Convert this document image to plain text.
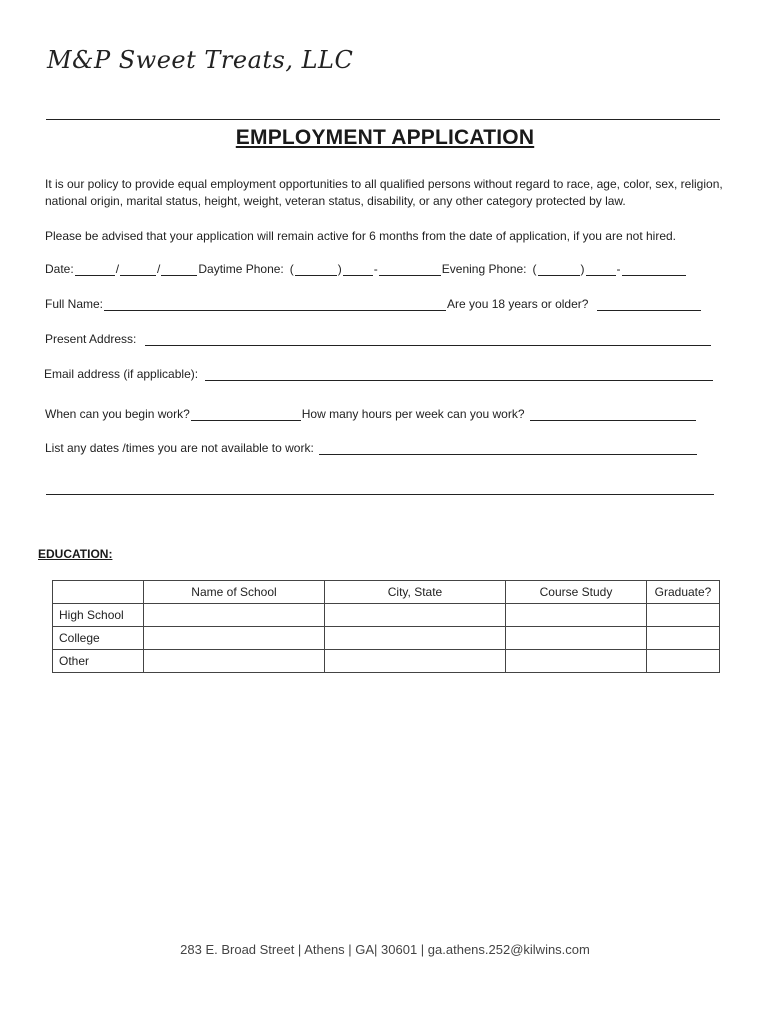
M&P Sweet Treats, LLC
EMPLOYMENT APPLICATION
It is our policy to provide equal employment opportunities to all qualified persons without regard to race, age, color, sex, religion, national origin, marital status, height, weight, veteran status, disability, or any other category protected by law.
Please be advised that your application will remain active for 6 months from the date of application, if you are not hired.
Date:	/	/	Daytime Phone: (	)	-	Evening Phone: (	)	-
Full Name:	Are you 18 years or older?
Present Address:
Email address (if applicable):
When can you begin work?	How many hours per week can you work?
List any dates /times you are not available to work:
EDUCATION:
	Name of School	City, State	Course Study	Graduate?
High School				
College				
Other				
283 E. Broad Street | Athens | GA| 30601 | ga.athens.252@kilwins.com
